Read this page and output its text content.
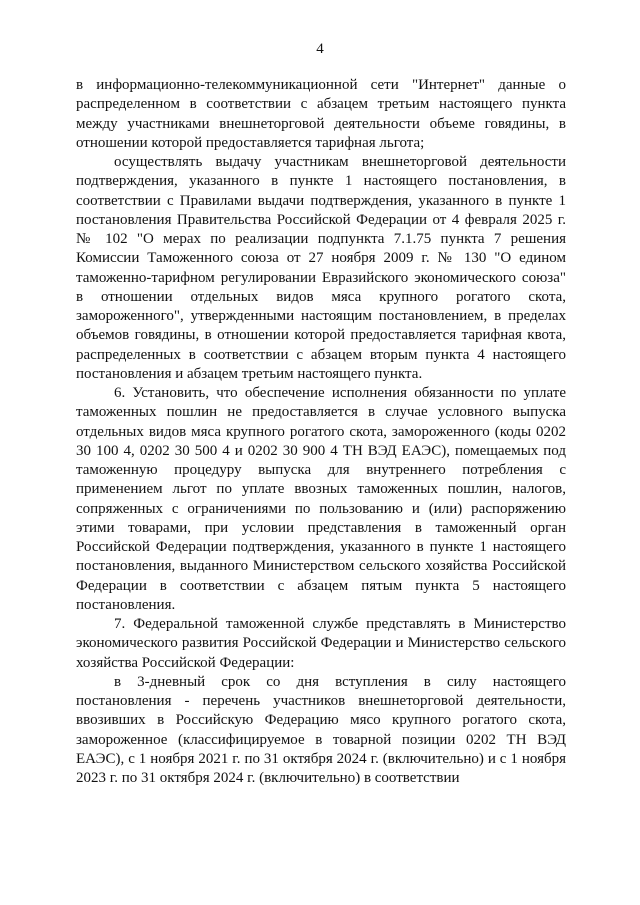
4

в информационно-телекоммуникационной сети "Интернет" данные о распределенном в соответствии с абзацем третьим настоящего пункта между участниками внешнеторговой деятельности объеме говядины, в отношении которой предоставляется тарифная льгота;

осуществлять выдачу участникам внешнеторговой деятельности подтверждения, указанного в пункте 1 настоящего постановления, в соответствии с Правилами выдачи подтверждения, указанного в пункте 1 постановления Правительства Российской Федерации от 4 февраля 2025 г. № 102 "О мерах по реализации подпункта 7.1.75 пункта 7 решения Комиссии Таможенного союза от 27 ноября 2009 г. № 130 "О едином таможенно-тарифном регулировании Евразийского экономического союза" в отношении отдельных видов мяса крупного рогатого скота, замороженного", утвержденными настоящим постановлением, в пределах объемов говядины, в отношении которой предоставляется тарифная квота, распределенных в соответствии с абзацем вторым пункта 4 настоящего постановления и абзацем третьим настоящего пункта.

6. Установить, что обеспечение исполнения обязанности по уплате таможенных пошлин не предоставляется в случае условного выпуска отдельных видов мяса крупного рогатого скота, замороженного (коды 0202 30 100 4, 0202 30 500 4 и 0202 30 900 4 ТН ВЭД ЕАЭС), помещаемых под таможенную процедуру выпуска для внутреннего потребления с применением льгот по уплате ввозных таможенных пошлин, налогов, сопряженных с ограничениями по пользованию и (или) распоряжению этими товарами, при условии представления в таможенный орган Российской Федерации подтверждения, указанного в пункте 1 настоящего постановления, выданного Министерством сельского хозяйства Российской Федерации в соответствии с абзацем пятым пункта 5 настоящего постановления.

7. Федеральной таможенной службе представлять в Министерство экономического развития Российской Федерации и Министерство сельского хозяйства Российской Федерации:

в 3-дневный срок со дня вступления в силу настоящего постановления - перечень участников внешнеторговой деятельности, ввозивших в Российскую Федерацию мясо крупного рогатого скота, замороженное (классифицируемое в товарной позиции 0202 ТН ВЭД ЕАЭС), с 1 ноября 2021 г. по 31 октября 2024 г. (включительно) и с 1 ноября 2023 г. по 31 октября 2024 г. (включительно) в соответствии
